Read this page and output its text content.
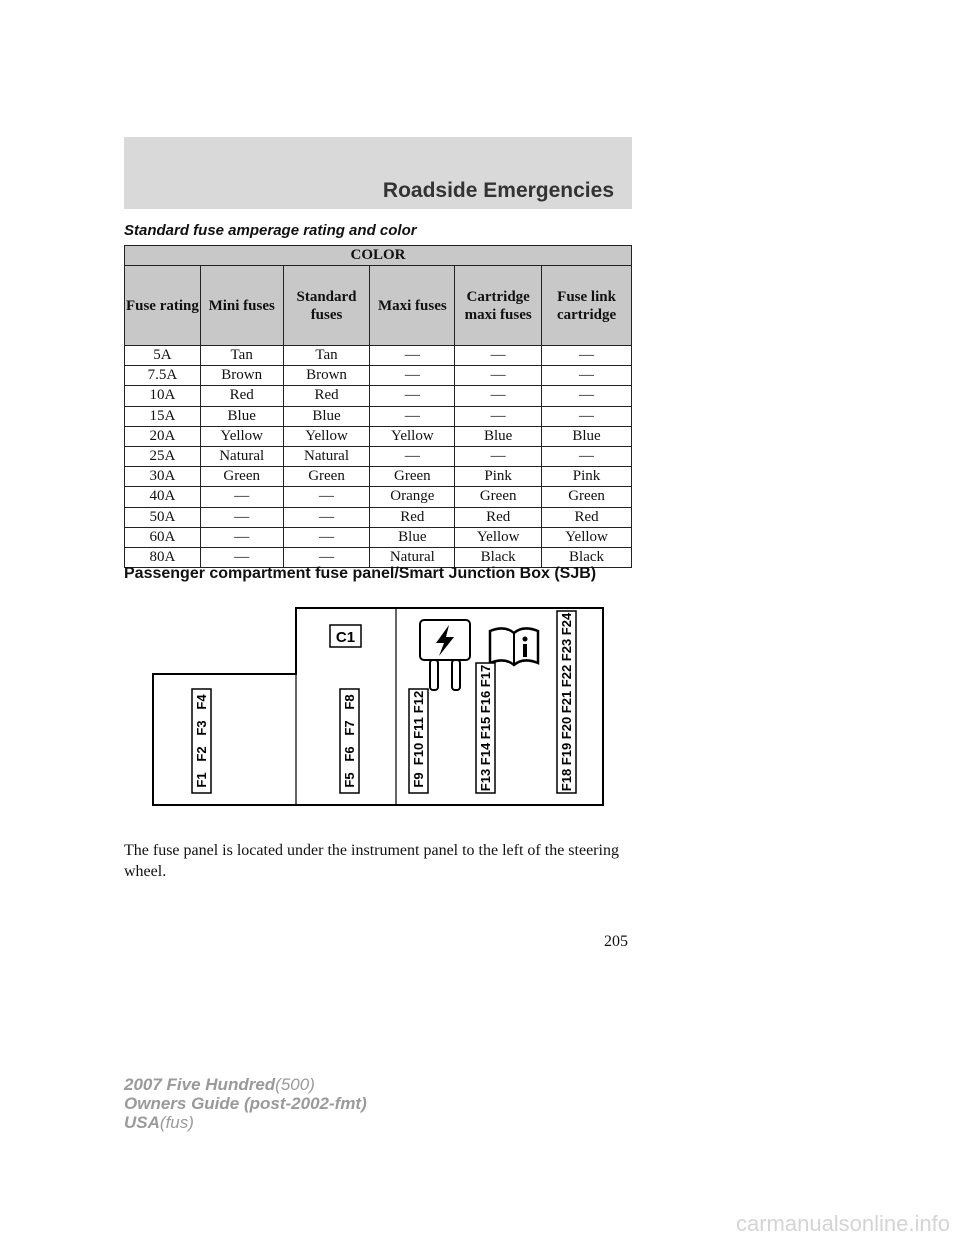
Roadside Emergencies
Standard fuse amperage rating and color
COLOR					
Fuse rating	Mini fuses	Standard fuses	Maxi fuses	Cartridge maxi fuses	Fuse link cartridge
5A	Tan	Tan	—	—	—
7.5A	Brown	Brown	—	—	—
10A	Red	Red	—	—	—
15A	Blue	Blue	—	—	—
20A	Yellow	Yellow	Yellow	Blue	Blue
25A	Natural	Natural	—	—	—
30A	Green	Green	Green	Pink	Pink
40A	—	—	Orange	Green	Green
50A	—	—	Red	Red	Red
60A	—	—	Blue	Yellow	Yellow
80A	—	—	Natural	Black	Black
Passenger compartment fuse panel/Smart Junction Box (SJB)
C1
F1
F2
F3
F4
F5
F6
F7
F8
F9
F10
F11
F12
F13
F14
F15
F16
F17
F18
F19
F20
F21
F22
F23
F24
The fuse panel is located under the instrument panel to the left of the steering wheel.
205
2007 Five Hundred(500)
Owners Guide (post-2002-fmt)
USA(fus)
carmanualsonline.info
